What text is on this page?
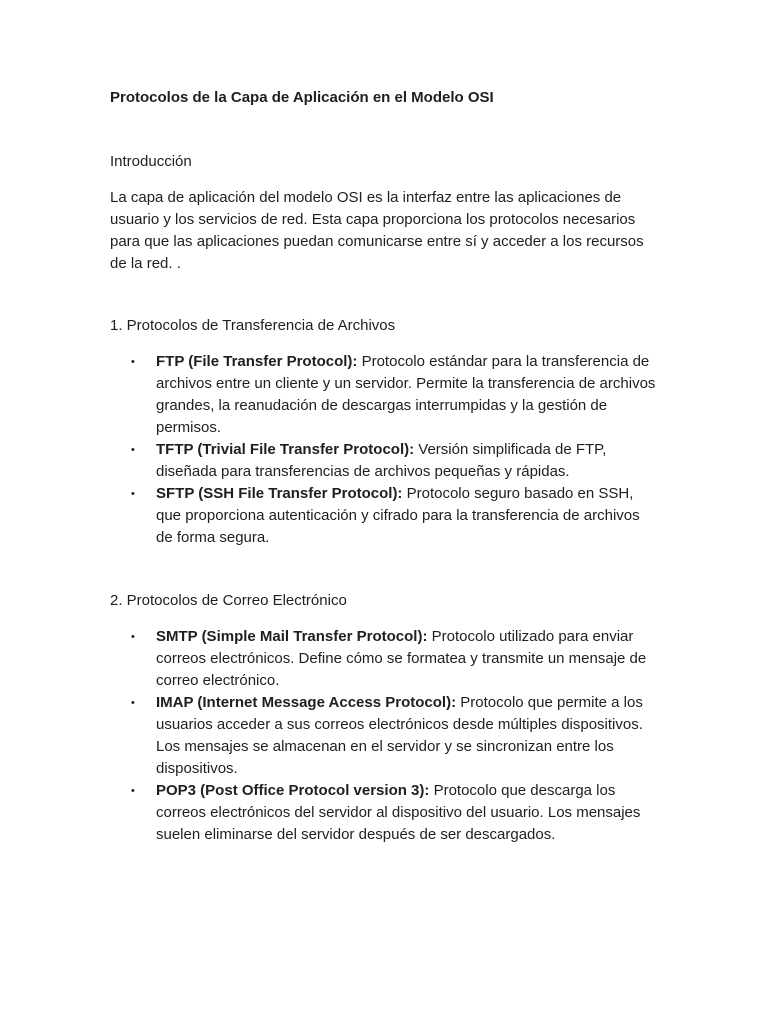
Protocolos de la Capa de Aplicación en el Modelo OSI

Introducción

La capa de aplicación del modelo OSI es la interfaz entre las aplicaciones de usuario y los servicios de red. Esta capa proporciona los protocolos necesarios para que las aplicaciones puedan comunicarse entre sí y acceder a los recursos de la red. .

1. Protocolos de Transferencia de Archivos

• FTP (File Transfer Protocol): Protocolo estándar para la transferencia de archivos entre un cliente y un servidor. Permite la transferencia de archivos grandes, la reanudación de descargas interrumpidas y la gestión de permisos.
• TFTP (Trivial File Transfer Protocol): Versión simplificada de FTP, diseñada para transferencias de archivos pequeñas y rápidas.
• SFTP (SSH File Transfer Protocol): Protocolo seguro basado en SSH, que proporciona autenticación y cifrado para la transferencia de archivos de forma segura.

2. Protocolos de Correo Electrónico

• SMTP (Simple Mail Transfer Protocol): Protocolo utilizado para enviar correos electrónicos. Define cómo se formatea y transmite un mensaje de correo electrónico.
• IMAP (Internet Message Access Protocol): Protocolo que permite a los usuarios acceder a sus correos electrónicos desde múltiples dispositivos. Los mensajes se almacenan en el servidor y se sincronizan entre los dispositivos.
• POP3 (Post Office Protocol version 3): Protocolo que descarga los correos electrónicos del servidor al dispositivo del usuario. Los mensajes suelen eliminarse del servidor después de ser descargados.
